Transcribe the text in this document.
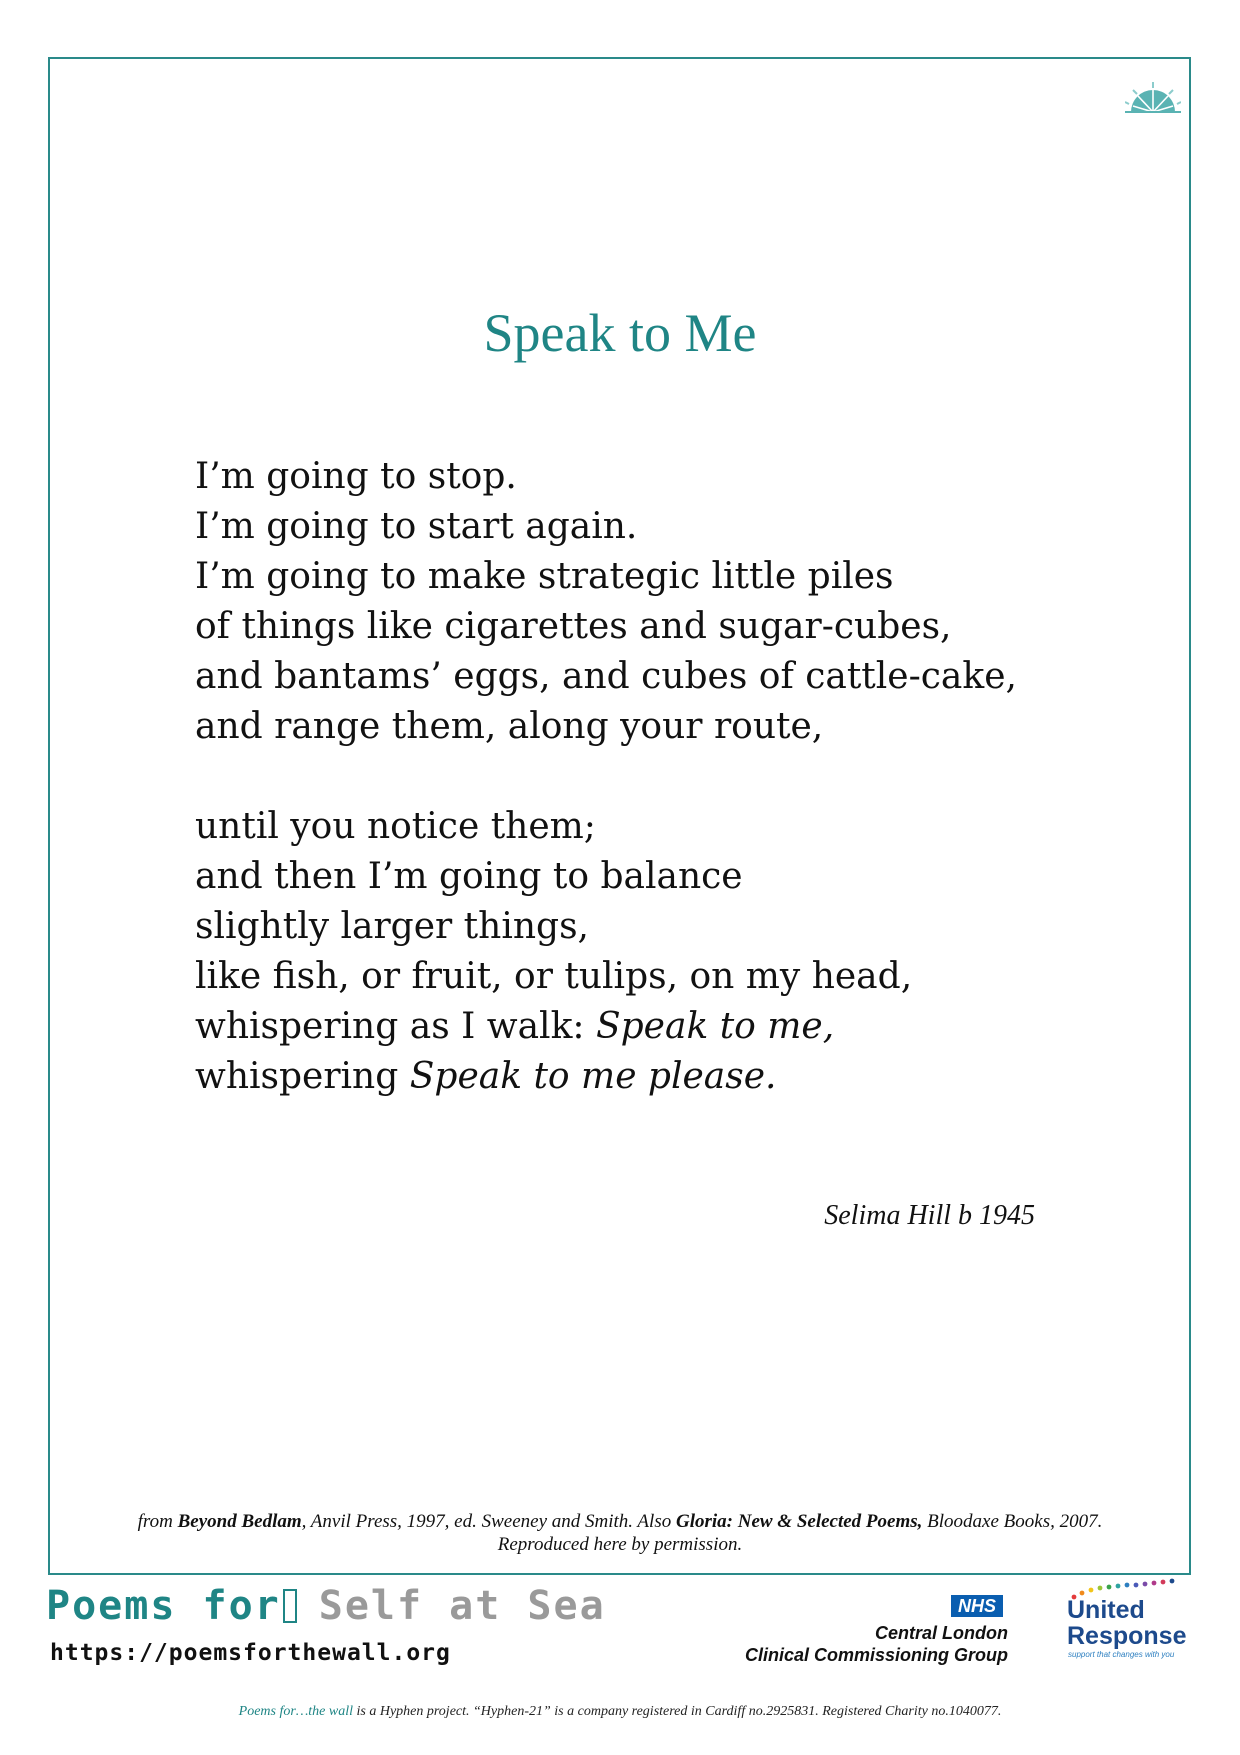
Speak to Me
I’m going to stop.
I’m going to start again.
I’m going to make strategic little piles
of things like cigarettes and sugar-cubes,
and bantams’ eggs, and cubes of cattle-cake,
and range them, along your route,
until you notice them;
and then I’m going to balance
slightly larger things,
like fish, or fruit, or tulips, on my head,
whispering as I walk: Speak to me,
whispering Speak to me please.
Selima Hill b 1945
from Beyond Bedlam, Anvil Press, 1997, ed. Sweeney and Smith. Also Gloria: New & Selected Poems, Bloodaxe Books, 2007.
Reproduced here by permission.
Poems for Self at Sea
https://poemsforthewall.org
NHS
Central London
Clinical Commissioning Group
United
Response
support that changes with you
Poems for…the wall is a Hyphen project. “Hyphen-21” is a company registered in Cardiff no.2925831. Registered Charity no.1040077.
